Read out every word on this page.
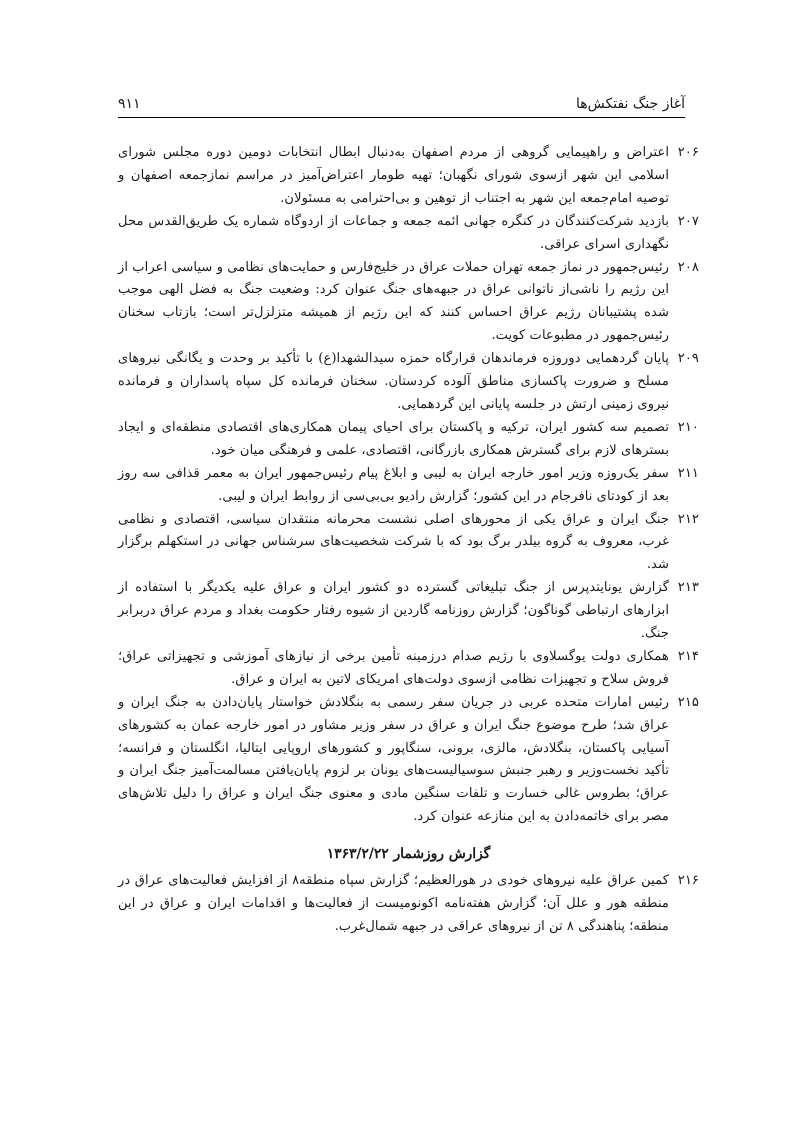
آغاز جنگ نفتکش‌ها
۹۱۱
۲۰۶
اعتراض و راهپیمایی گروهی از مردم اصفهان به‌دنبال ابطال انتخابات دومین دوره مجلس شورای اسلامی این شهر ازسوی شورای نگهبان؛ تهیه طومار اعتراض‌آمیز در مراسم نمازجمعه اصفهان و توصیه امام‌جمعه این شهر به اجتناب از توهین و بی‌احترامی به مسئولان.
۲۰۷
بازدید شرکت‌کنندگان در کنگره جهانی ائمه جمعه و جماعات از اردوگاه شماره یک طریق‌القدس محل نگهداری اسرای عراقی.
۲۰۸
رئیس‌جمهور در نماز جمعه تهران حملات عراق در خلیج‌فارس و حمایت‌های نظامی و سیاسی اعراب از این رژیم را ناشی‌از ناتوانی عراق در جبهه‌های جنگ عنوان کرد: وضعیت جنگ به فضل الهی موجب شده پشتیبانان رژیم عراق احساس کنند که این رژیم از همیشه متزلزل‌تر است؛ بازتاب سخنان رئیس‌جمهور در مطبوعات کویت.
۲۰۹
پایان گردهمایی دوروزه فرماندهان قرارگاه حمزه سیدالشهدا(ع) با تأکید بر وحدت و یگانگی نیروهای مسلح و ضرورت پاکسازی مناطق آلوده کردستان. سخنان فرمانده کل سپاه پاسداران و فرمانده نیروی زمینی ارتش در جلسه پایانی این گردهمایی.
۲۱۰
تصمیم سه کشور ایران، ترکیه و پاکستان برای احیای پیمان همکاری‌های اقتصادی منطقه‌ای و ایجاد بسترهای لازم برای گسترش همکاری بازرگانی، اقتصادی، علمی و فرهنگی میان خود.
۲۱۱
سفر یک‌روزه وزیر امور خارجه ایران به لیبی و ابلاغ پیام رئیس‌جمهور ایران به معمر قذافی سه روز بعد از کودتای نافرجام در این کشور؛ گزارش رادیو بی‌بی‌سی از روابط ایران و لیبی.
۲۱۲
جنگ ایران و عراق یکی از محورهای اصلی نشست محرمانه منتقدان سیاسی، اقتصادی و نظامی غرب، معروف به گروه بیلدر برگ بود که با شرکت شخصیت‌های سرشناس جهانی در استکهلم برگزار شد.
۲۱۳
گزارش یونایتدپرس از جنگ تبلیغاتی گسترده دو کشور ایران و عراق علیه یکدیگر با استفاده از ابزارهای ارتباطی گوناگون؛ گزارش روزنامه گاردین از شیوه رفتار حکومت بغداد و مردم عراق دربرابر جنگ.
۲۱۴
همکاری دولت یوگسلاوی با رژیم صدام درزمینه تأمین برخی از نیازهای آموزشی و تجهیزاتی عراق؛ فروش سلاح و تجهیزات نظامی ازسوی دولت‌های امریکای لاتین به ایران و عراق.
۲۱۵
رئیس امارات متحده عربی در جریان سفر رسمی به بنگلادش خواستار پایان‌دادن به جنگ ایران و عراق شد؛ طرح موضوع جنگ ایران و عراق در سفر وزیر مشاور در امور خارجه عمان به کشورهای آسیایی پاکستان، بنگلادش، مالزی، برونی، سنگاپور و کشورهای اروپایی ایتالیا، انگلستان و فرانسه؛ تأکید نخست‌وزیر و رهبر جنبش سوسیالیست‌های یونان بر لزوم پایان‌یافتن مسالمت‌آمیز جنگ ایران و عراق؛ بطروس غالی خسارت و تلفات سنگین مادی و معنوی جنگ ایران و عراق را دلیل تلاش‌های مصر برای خاتمه‌دادن به این منازعه عنوان کرد.
گزارش روزشمار ۱۳۶۳/۲/۲۲
۲۱۶
کمین عراق علیه نیروهای خودی در هورالعظیم؛ گزارش سپاه منطقه۸ از افزایش فعالیت‌های عراق در منطقه هور و علل آن؛ گزارش هفته‌نامه اکونومیست از فعالیت‌ها و اقدامات ایران و عراق در این منطقه؛ پناهندگی ۸ تن از نیروهای عراقی در جبهه شمال‌غرب.
